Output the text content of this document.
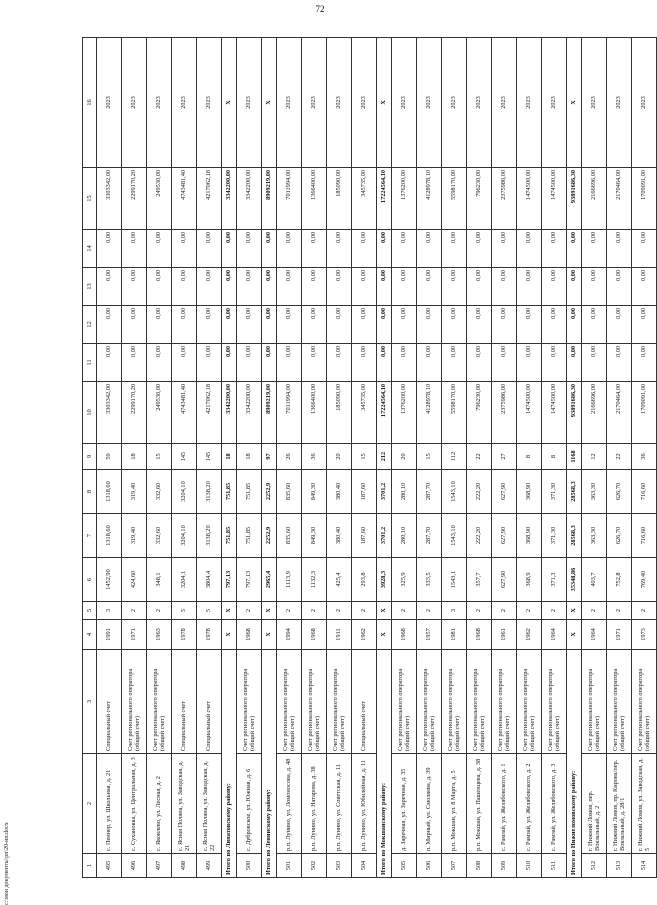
72
1	2	3	4	5	6	7	8	9	10	11	12	13	14	15	16
495	с. Пеннер, ул. Школьная, д. 21	Специальный счет	1991	3	1452,90	1318,60	1318,60	59	3303342,00	0,00	0,00	0,00	0,00	3303342,00	2023
496	с. Сухановка, ул. Центральная, д. 3	Счет регионального оператора (общий счет)	1971	2	424,60	319,40	319,40	18	2299170,20	0,00	0,00	0,00	0,00	2299170,20	2023
497	с. Яковлево, ул. Лесная, д. 2	Счет регионального оператора (общий счет)	1963	2	348,1	332,60	332,60	15	249530,00	0,00	0,00	0,00	0,00	249530,00	2023
498	с. Ясная Поляна, ул. Заводская, д. 21	Специальный счет	1978	5	3204,1	3204,10	3204,10	145	4743481,40	0,00	0,00	0,00	0,00	4743481,40	2023
499	с. Ясная Поляна, ул. Заводская, д. 22	Специальный счет	1978	5	3804,4	3138,20	3138,20	145	4217062,18	0,00	0,00	0,00	0,00	4217062,18	2023
Итого по Липатовскому району:			X	X	797,13	751,85	751,85	18	3342200,00	0,00	0,00	0,00	0,00	3342200,00	X
500	с. Дубровское, ул. Южная, д. 6	Счет регионального оператора (общий счет)	1968	2	797,13	751,85	751,85	18	3342200,00	0,00	0,00	0,00	0,00	3342200,00	2023
Итого по Ленинскому району:			X	X	2965,4	2252,9	2252,9	97	8909219,00	0,00	0,00	0,00	0,00	8909219,00	X
501	р.п. Лунино, ул. Ломоносова, д. 48	Счет регионального оператора (общий счет)	1994	2	1113,9	835,60	835,60	26	7011994,00	0,00	0,00	0,00	0,00	7011994,00	2023
502	р.п. Лунино, ул. Натарова, д. 38	Счет регионального оператора (общий счет)	1968	2	1132,3	849,30	849,30	36	1366400,00	0,00	0,00	0,00	0,00	1366400,00	2023
503	р.п. Лунино, ул. Советская, д. 11	Счет регионального оператора (общий счет)	1911	2	425,4	380,40	380,40	20	185090,00	0,00	0,00	0,00	0,00	185090,00	2023
504	р.п. Лунино, ул. Юбилейная, д. 11	Специальный счет	1962	2	293,8	187,60	187,60	15	345735,00	0,00	0,00	0,00	0,00	345735,00	2023
Итого по Мокшанскому району:			X	X	3928,3	3701,2	3701,2	212	17224564,10	0,00	0,00	0,00	0,00	17224564,10	X
505	д. Заречная, ул. Заречная, д. 35	Счет регионального оператора (общий счет)	1968	2	325,9	280,10	280,10	20	1376200,00	0,00	0,00	0,00	0,00	1376200,00	2023
506	п. Мирный, ул. Смоляева, д. 39	Счет регионального оператора (общий счет)	1957	2	333,5	287,70	287,70	15	4128978,10	0,00	0,00	0,00	0,00	4128978,10	2023
507	р.п. Мокшан, ул. 8 Марта, д. 5	Счет регионального оператора (общий счет)	1981	3	1543,1	1543,10	1543,10	112	5598170,00	0,00	0,00	0,00	0,00	5598170,00	2023
508	р.п. Мокшан, ул. Пашенцева, д. 38	Счет регионального оператора (общий счет)	1968	2	357,7	222,20	222,20	22	796230,00	0,00	0,00	0,00	0,00	796230,00	2023
509	с. Рамзай, ул. Желябовского, д. 1	Счет регионального оператора (общий счет)	1961	2	627,90	627,90	627,90	27	2375986,00	0,00	0,00	0,00	0,00	2375986,00	2023
510	с. Рамзай, ул. Желябовского, д. 2	Счет регионального оператора (общий счет)	1962	2	368,9	368,90	368,90	8	1474500,00	0,00	0,00	0,00	0,00	1474500,00	2023
511	с. Рамзай, ул. Желябовского, д. 3	Счет регионального оператора (общий счет)	1964	2	371,3	371,30	371,30	8	1474500,00	0,00	0,00	0,00	0,00	1474500,00	2023
Итого по Нижнеломовскому району:			X	X	35348,86	28568,3	28568,3	1168	93891686,30	0,00	0,00	0,00	0,00	93891686,30	X
512	г. Нижний Ломов, пер. Вокзальный, д. 2	Счет регионального оператора (общий счет)	1964	2	403,7	363,30	363,30	12	2166696,00	0,00	0,00	0,00	0,00	2166696,00	2023
513	г. Нижний Ломов, пр. Кирова/пер. Вокзальный, д. 28/1	Счет регионального оператора (общий счет)	1971	2	752,8	626,70	626,70	22	2170464,00	0,00	0,00	0,00	0,00	2170464,00	2023
514	г. Нижний Ломов, ул. Заводская, д. 5	Счет регионального оператора (общий счет)	1973	2	769,40	716,60	716,60	36	1709091,00	0,00	0,00	0,00	0,00	1709091,00	2023
c:\мои документы\рп\20-ип.docx
